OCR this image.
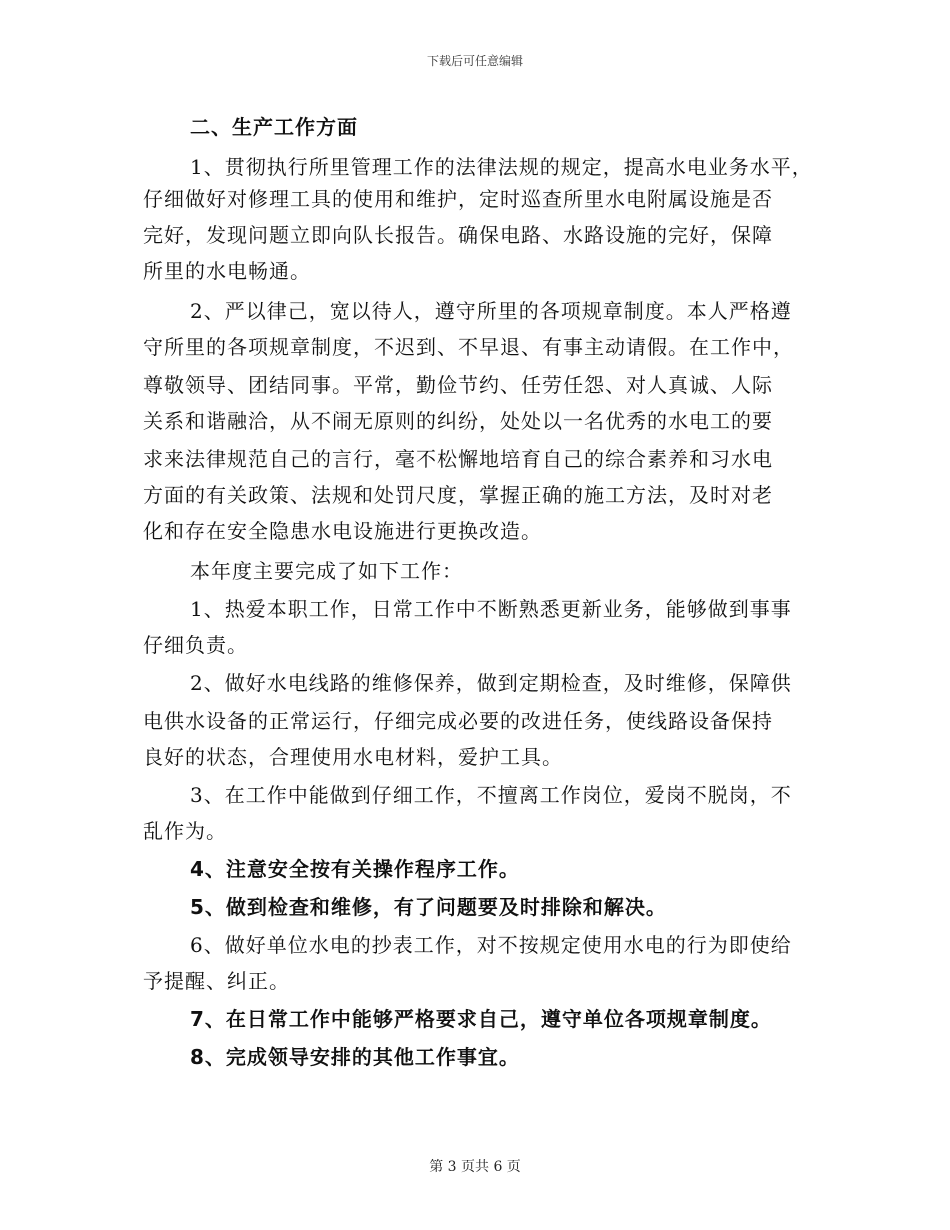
下载后可任意编辑
二、生产工作方面
1、贯彻执行所里管理工作的法律法规的规定，提高水电业务水平，
仔细做好对修理工具的使用和维护，定时巡查所里水电附属设施是否
完好，发现问题立即向队长报告。确保电路、水路设施的完好，保障
所里的水电畅通。
2、严以律己，宽以待人，遵守所里的各项规章制度。本人严格遵
守所里的各项规章制度，不迟到、不早退、有事主动请假。在工作中，
尊敬领导、团结同事。平常，勤俭节约、任劳任怨、对人真诚、人际
关系和谐融洽，从不闹无原则的纠纷，处处以一名优秀的水电工的要
求来法律规范自己的言行，毫不松懈地培育自己的综合素养和习水电
方面的有关政策、法规和处罚尺度，掌握正确的施工方法，及时对老
化和存在安全隐患水电设施进行更换改造。
本年度主要完成了如下工作：
1、热爱本职工作，日常工作中不断熟悉更新业务，能够做到事事
仔细负责。
2、做好水电线路的维修保养，做到定期检查，及时维修，保障供
电供水设备的正常运行，仔细完成必要的改进任务，使线路设备保持
良好的状态，合理使用水电材料，爱护工具。
3、在工作中能做到仔细工作，不擅离工作岗位，爱岗不脱岗，不
乱作为。
4、注意安全按有关操作程序工作。
5、做到检查和维修，有了问题要及时排除和解决。
6、做好单位水电的抄表工作，对不按规定使用水电的行为即使给
予提醒、纠正。
7、在日常工作中能够严格要求自己，遵守单位各项规章制度。
8、完成领导安排的其他工作事宜。
第 3 页共 6 页
